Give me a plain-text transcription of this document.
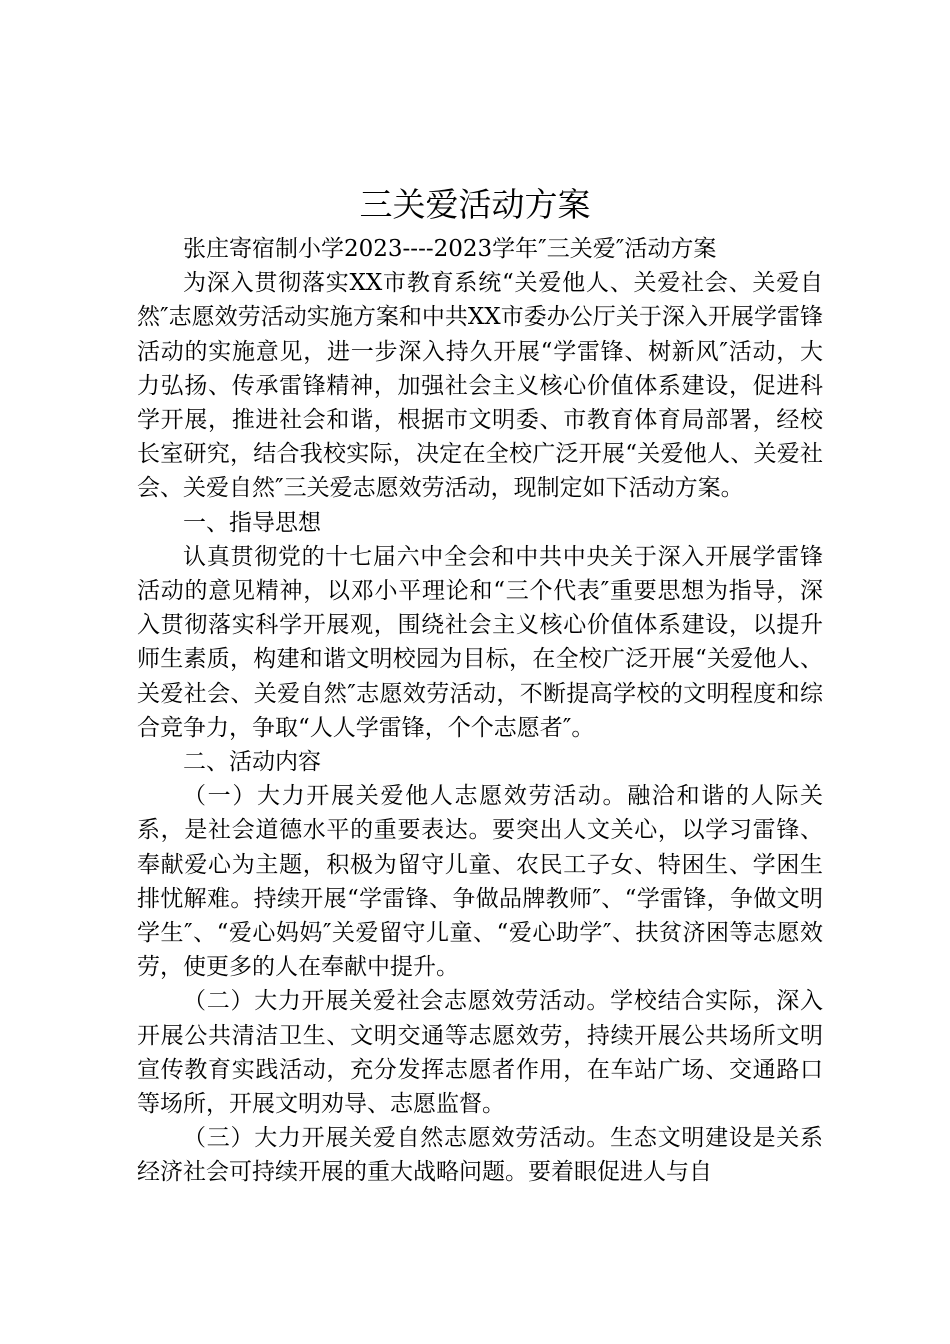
三关爱活动方案

张庄寄宿制小学2023----2023学年″三关爱″活动方案

为深入贯彻落实XX市教育系统“关爱他人、关爱社会、关爱自然″志愿效劳活动实施方案和中共XX市委办公厅关于深入开展学雷锋活动的实施意见，进一步深入持久开展“学雷锋、树新风″活动，大力弘扬、传承雷锋精神，加强社会主义核心价值体系建设，促进科学开展，推进社会和谐，根据市文明委、市教育体育局部署，经校长室研究，结合我校实际，决定在全校广泛开展“关爱他人、关爱社会、关爱自然″三关爱志愿效劳活动，现制定如下活动方案。

一、指导思想

认真贯彻党的十七届六中全会和中共中央关于深入开展学雷锋活动的意见精神，以邓小平理论和“三个代表″重要思想为指导，深入贯彻落实科学开展观，围绕社会主义核心价值体系建设，以提升师生素质，构建和谐文明校园为目标，在全校广泛开展“关爱他人、关爱社会、关爱自然″志愿效劳活动，不断提高学校的文明程度和综合竞争力，争取“人人学雷锋，个个志愿者″。

二、活动内容

（一）大力开展关爱他人志愿效劳活动。融洽和谐的人际关系，是社会道德水平的重要表达。要突出人文关心，以学习雷锋、奉献爱心为主题，积极为留守儿童、农民工子女、特困生、学困生排忧解难。持续开展“学雷锋、争做品牌教师″、“学雷锋，争做文明学生″、“爱心妈妈″关爱留守儿童、“爱心助学″、扶贫济困等志愿效劳，使更多的人在奉献中提升。

（二）大力开展关爱社会志愿效劳活动。学校结合实际，深入开展公共清洁卫生、文明交通等志愿效劳，持续开展公共场所文明宣传教育实践活动，充分发挥志愿者作用，在车站广场、交通路口等场所，开展文明劝导、志愿监督。

（三）大力开展关爱自然志愿效劳活动。生态文明建设是关系经济社会可持续开展的重大战略问题。要着眼促进人与自
